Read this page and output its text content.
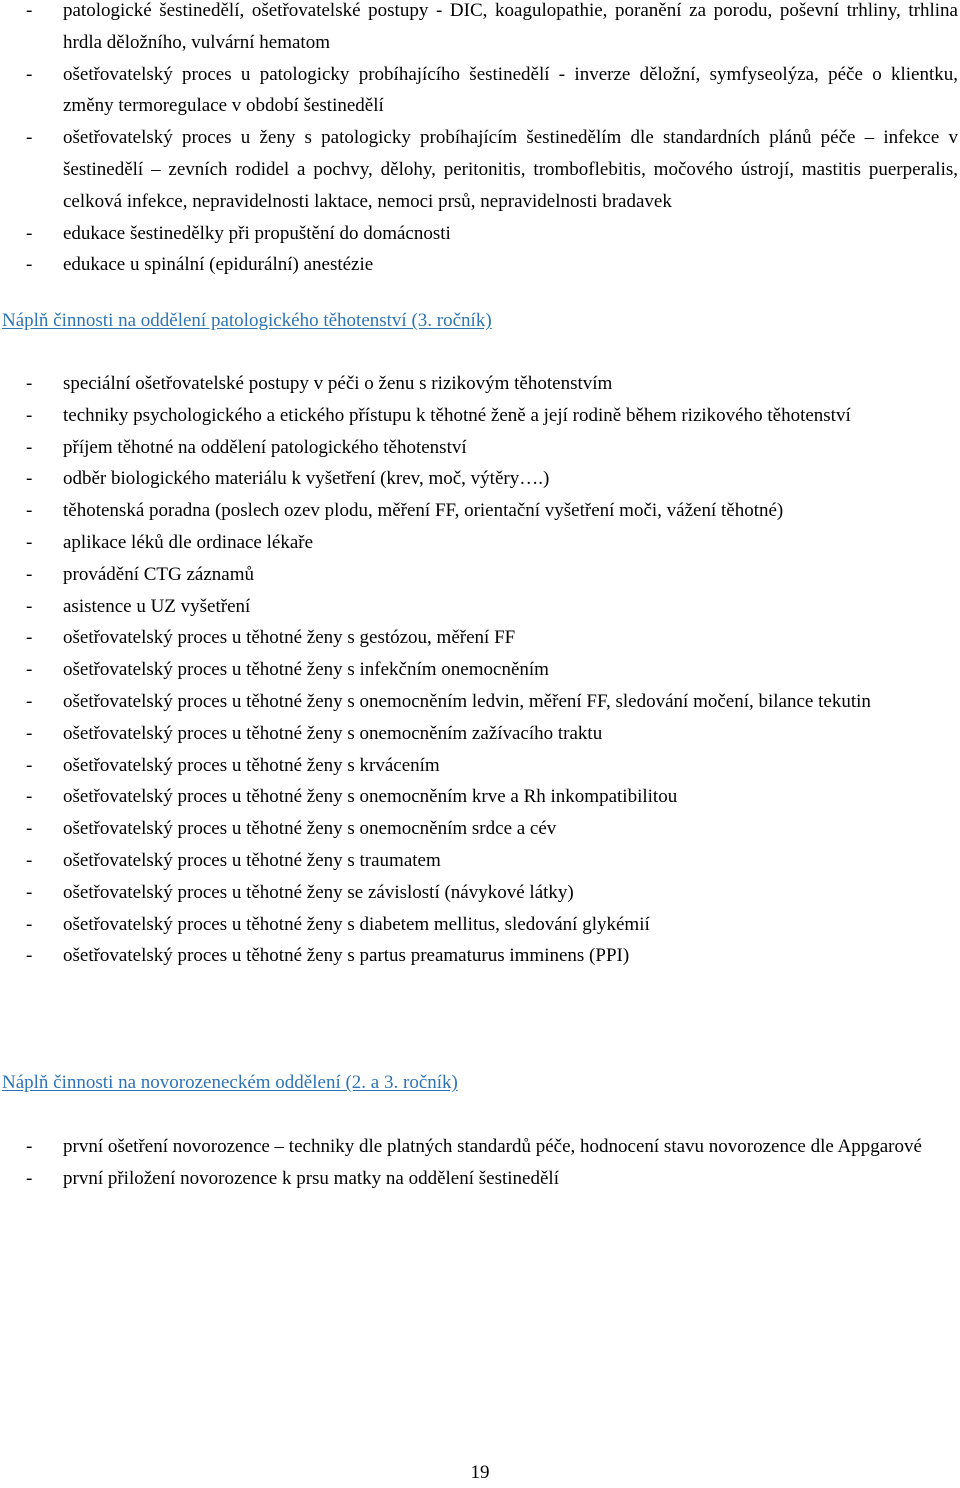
- patologické šestinedělí, ošetřovatelské postupy - DIC, koagulopathie, poranění za porodu, poševní trhliny, trhlina hrdla děložního, vulvární hematom
- ošetřovatelský proces u patologicky probíhajícího šestinedělí - inverze děložní, symfyseolýza, péče o klientku, změny termoregulace v období šestinedělí
- ošetřovatelský proces u ženy s patologicky probíhajícím šestinedělím dle standardních plánů péče – infekce v šestinedělí – zevních rodidel a pochvy, dělohy, peritonitis, tromboflebitis, močového ústrojí, mastitis puerperalis, celková infekce, nepravidelnosti laktace, nemoci prsů, nepravidelnosti bradavek
- edukace šestinedělky při propuštění do domácnosti
- edukace u spinální (epidurální) anestézie
Náplň činnosti na oddělení patologického těhotenství (3. ročník)
- speciální ošetřovatelské postupy v péči o ženu s rizikovým těhotenstvím
- techniky psychologického a etického přístupu k těhotné ženě a její rodině během rizikového těhotenství
- příjem těhotné na oddělení patologického těhotenství
- odběr biologického materiálu k vyšetření (krev, moč, výtěry….)
- těhotenská poradna (poslech ozev plodu, měření FF, orientační vyšetření moči, vážení těhotné)
- aplikace léků dle ordinace lékaře
- provádění CTG záznamů
- asistence u UZ vyšetření
- ošetřovatelský proces u těhotné ženy s gestózou, měření FF
- ošetřovatelský proces u těhotné ženy s infekčním onemocněním
- ošetřovatelský proces u těhotné ženy s onemocněním ledvin, měření FF, sledování močení, bilance tekutin
- ošetřovatelský proces u těhotné ženy s onemocněním zažívacího traktu
- ošetřovatelský proces u těhotné ženy s krvácením
- ošetřovatelský proces u těhotné ženy s onemocněním krve a Rh inkompatibilitou
- ošetřovatelský proces u těhotné ženy s onemocněním srdce a cév
- ošetřovatelský proces u těhotné ženy s traumatem
- ošetřovatelský proces u těhotné ženy se závislostí (návykové látky)
- ošetřovatelský proces u těhotné ženy s diabetem mellitus, sledování glykémií
- ošetřovatelský proces u těhotné ženy s partus preamaturus imminens (PPI)
Náplň činnosti na novorozeneckém oddělení (2. a 3. ročník)
- první ošetření novorozence – techniky dle platných standardů péče, hodnocení stavu novorozence dle Appgarové
- první přiložení novorozence k prsu matky na oddělení šestinedělí
19
